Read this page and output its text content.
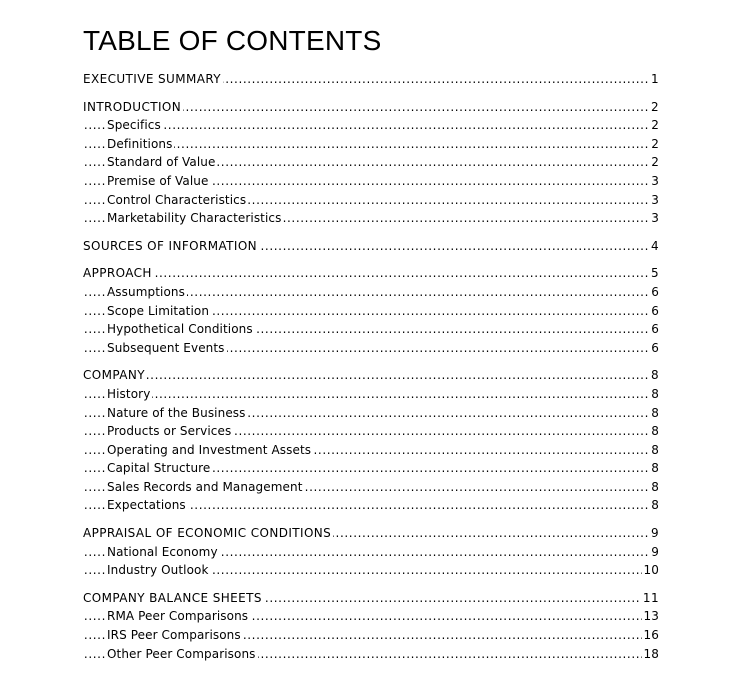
TABLE OF CONTENTS
.....
EXECUTIVE SUMMARY	1
.....
INTRODUCTION	2
.....
Specifics	2
.....
Definitions	2
.....
Standard of Value	2
.....
Premise of Value	3
.....
Control Characteristics	3
.....
Marketability Characteristics	3
.....
SOURCES OF INFORMATION	4
.....
APPROACH	5
.....
Assumptions	6
.....
Scope Limitation	6
.....
Hypothetical Conditions	6
.....
Subsequent Events	6
.....
COMPANY	8
.....
History	8
.....
Nature of the Business	8
.....
Products or Services	8
.....
Operating and Investment Assets	8
.....
Capital Structure	8
.....
Sales Records and Management	8
.....
Expectations	8
.....
APPRAISAL OF ECONOMIC CONDITIONS	9
.....
National Economy	9
.....
Industry Outlook	10
.....
COMPANY BALANCE SHEETS	11
.....
RMA Peer Comparisons	13
.....
IRS Peer Comparisons	16
.....
Other Peer Comparisons	18
